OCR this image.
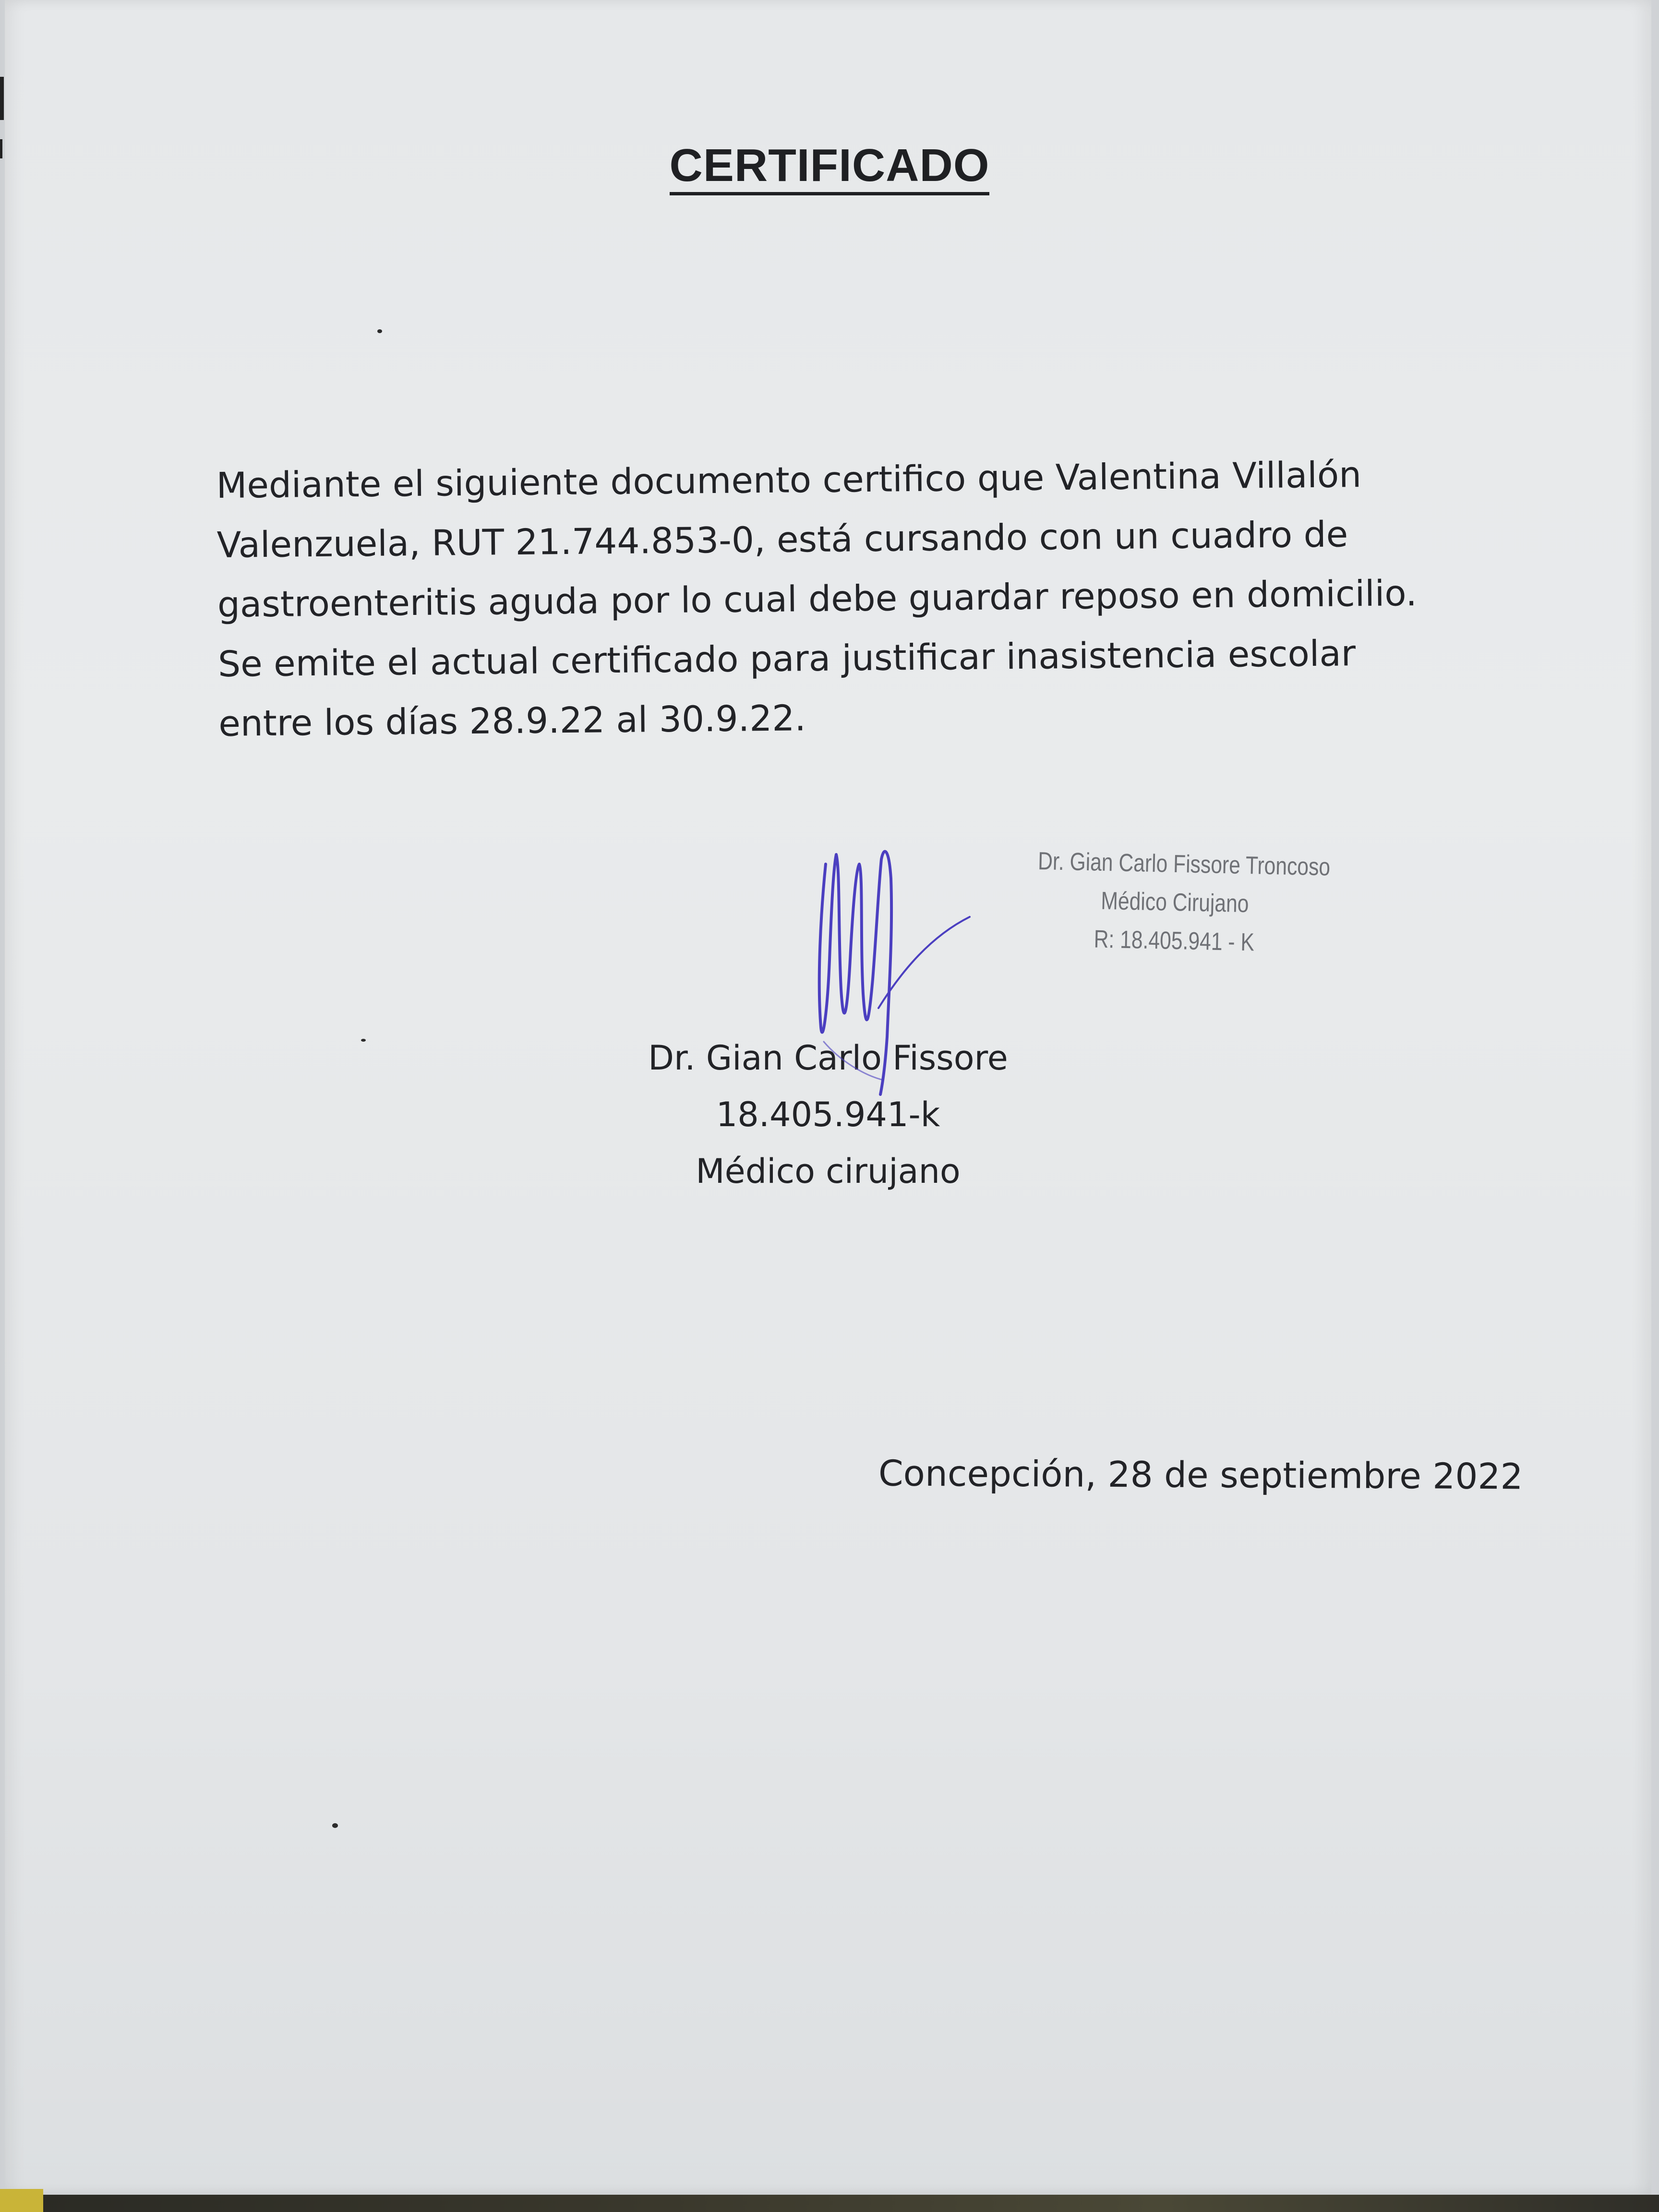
CERTIFICADO
Mediante el siguiente documento certifico que Valentina Villalón
Valenzuela, RUT 21.744.853-0, está cursando con un cuadro de
gastroenteritis aguda por lo cual debe guardar reposo en domicilio.
Se emite el actual certificado para justificar inasistencia escolar
entre los días 28.9.22 al 30.9.22.
Dr. Gian Carlo Fissore Troncoso
Médico Cirujano
R: 18.405.941 - K
Dr. Gian Carlo Fissore
18.405.941-k
Médico cirujano
Concepción, 28 de septiembre 2022
